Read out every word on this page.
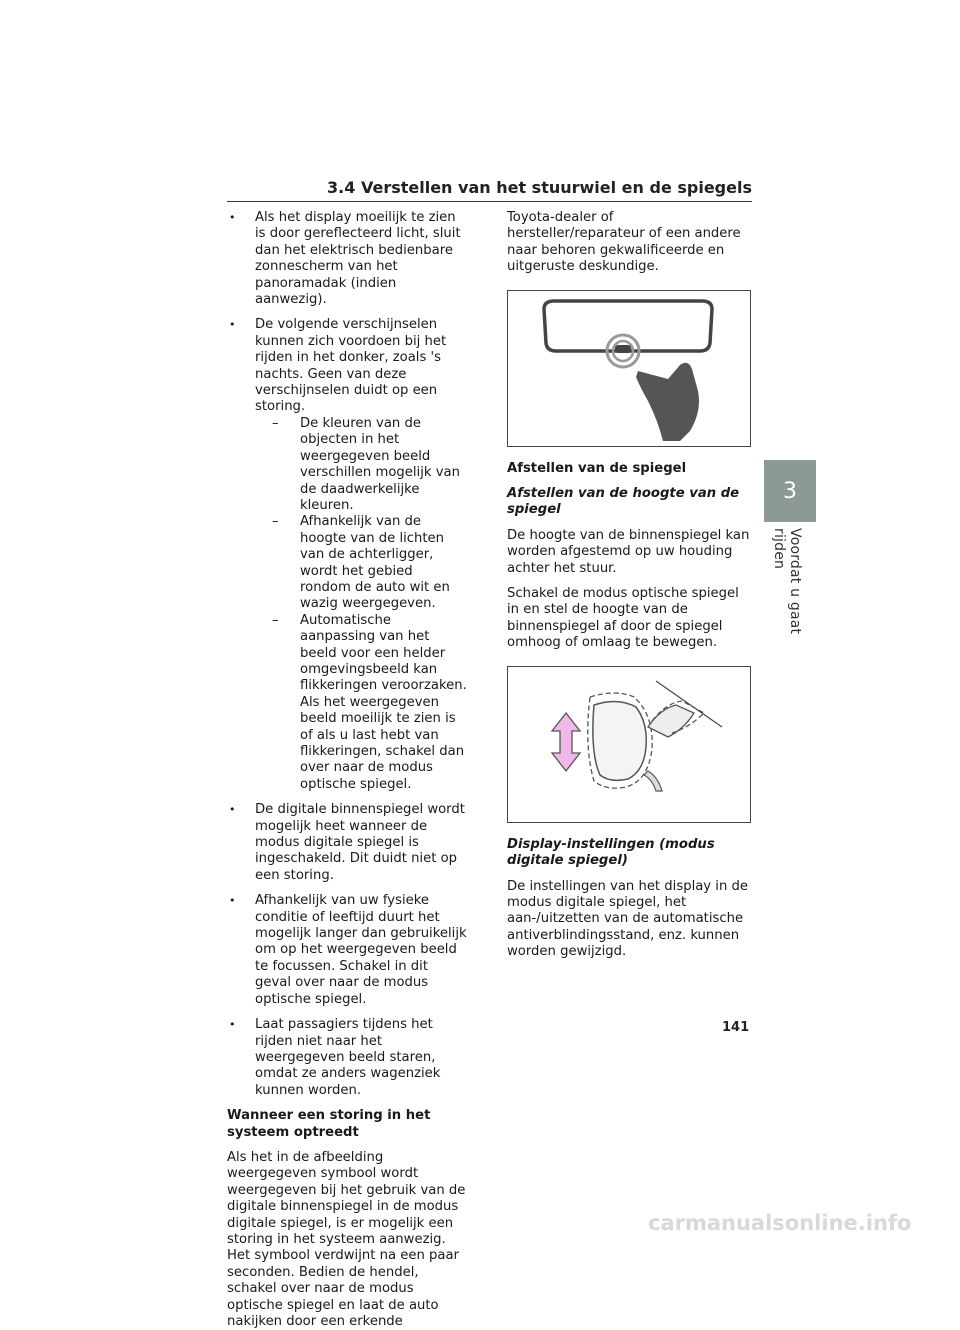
3.4 Verstellen van het stuurwiel en de spiegels
• Als het display moeilijk te zien is door gereflecteerd licht, sluit dan het elektrisch bedienbare zonnescherm van het panoramadak (indien aanwezig).
• De volgende verschijnselen kunnen zich voordoen bij het rijden in het donker, zoals 's nachts. Geen van deze verschijnselen duidt op een storing.
– De kleuren van de objecten in het weergegeven beeld verschillen mogelijk van de daadwerkelijke kleuren.
– Afhankelijk van de hoogte van de lichten van de achterligger, wordt het gebied rondom de auto wit en wazig weergegeven.
– Automatische aanpassing van het beeld voor een helder omgevingsbeeld kan flikkeringen veroorzaken.
Als het weergegeven beeld moeilijk te zien is of als u last hebt van flikkeringen, schakel dan over naar de modus optische spiegel.
• De digitale binnenspiegel wordt mogelijk heet wanneer de modus digitale spiegel is ingeschakeld. Dit duidt niet op een storing.
• Afhankelijk van uw fysieke conditie of leeftijd duurt het mogelijk langer dan gebruikelijk om op het weergegeven beeld te focussen. Schakel in dit geval over naar de modus optische spiegel.
• Laat passagiers tijdens het rijden niet naar het weergegeven beeld staren, omdat ze anders wagenziek kunnen worden.
Wanneer een storing in het systeem optreedt
Als het in de afbeelding weergegeven symbool wordt weergegeven bij het gebruik van de digitale binnenspiegel in de modus digitale spiegel, is er mogelijk een storing in het systeem aanwezig. Het symbool verdwijnt na een paar seconden. Bedien de hendel, schakel over naar de modus optische spiegel en laat de auto nakijken door een erkende
Toyota-dealer of hersteller/reparateur of een andere naar behoren gekwalificeerde en uitgeruste deskundige.
Afstellen van de spiegel
Afstellen van de hoogte van de spiegel
De hoogte van de binnenspiegel kan worden afgestemd op uw houding achter het stuur.
Schakel de modus optische spiegel in en stel de hoogte van de binnenspiegel af door de spiegel omhoog of omlaag te bewegen.
Display-instellingen (modus digitale spiegel)
De instellingen van het display in de modus digitale spiegel, het aan-/uitzetten van de automatische antiverblindingsstand, enz. kunnen worden gewijzigd.
3
Voordat u gaat rijden
141
carmanualsonline.info
